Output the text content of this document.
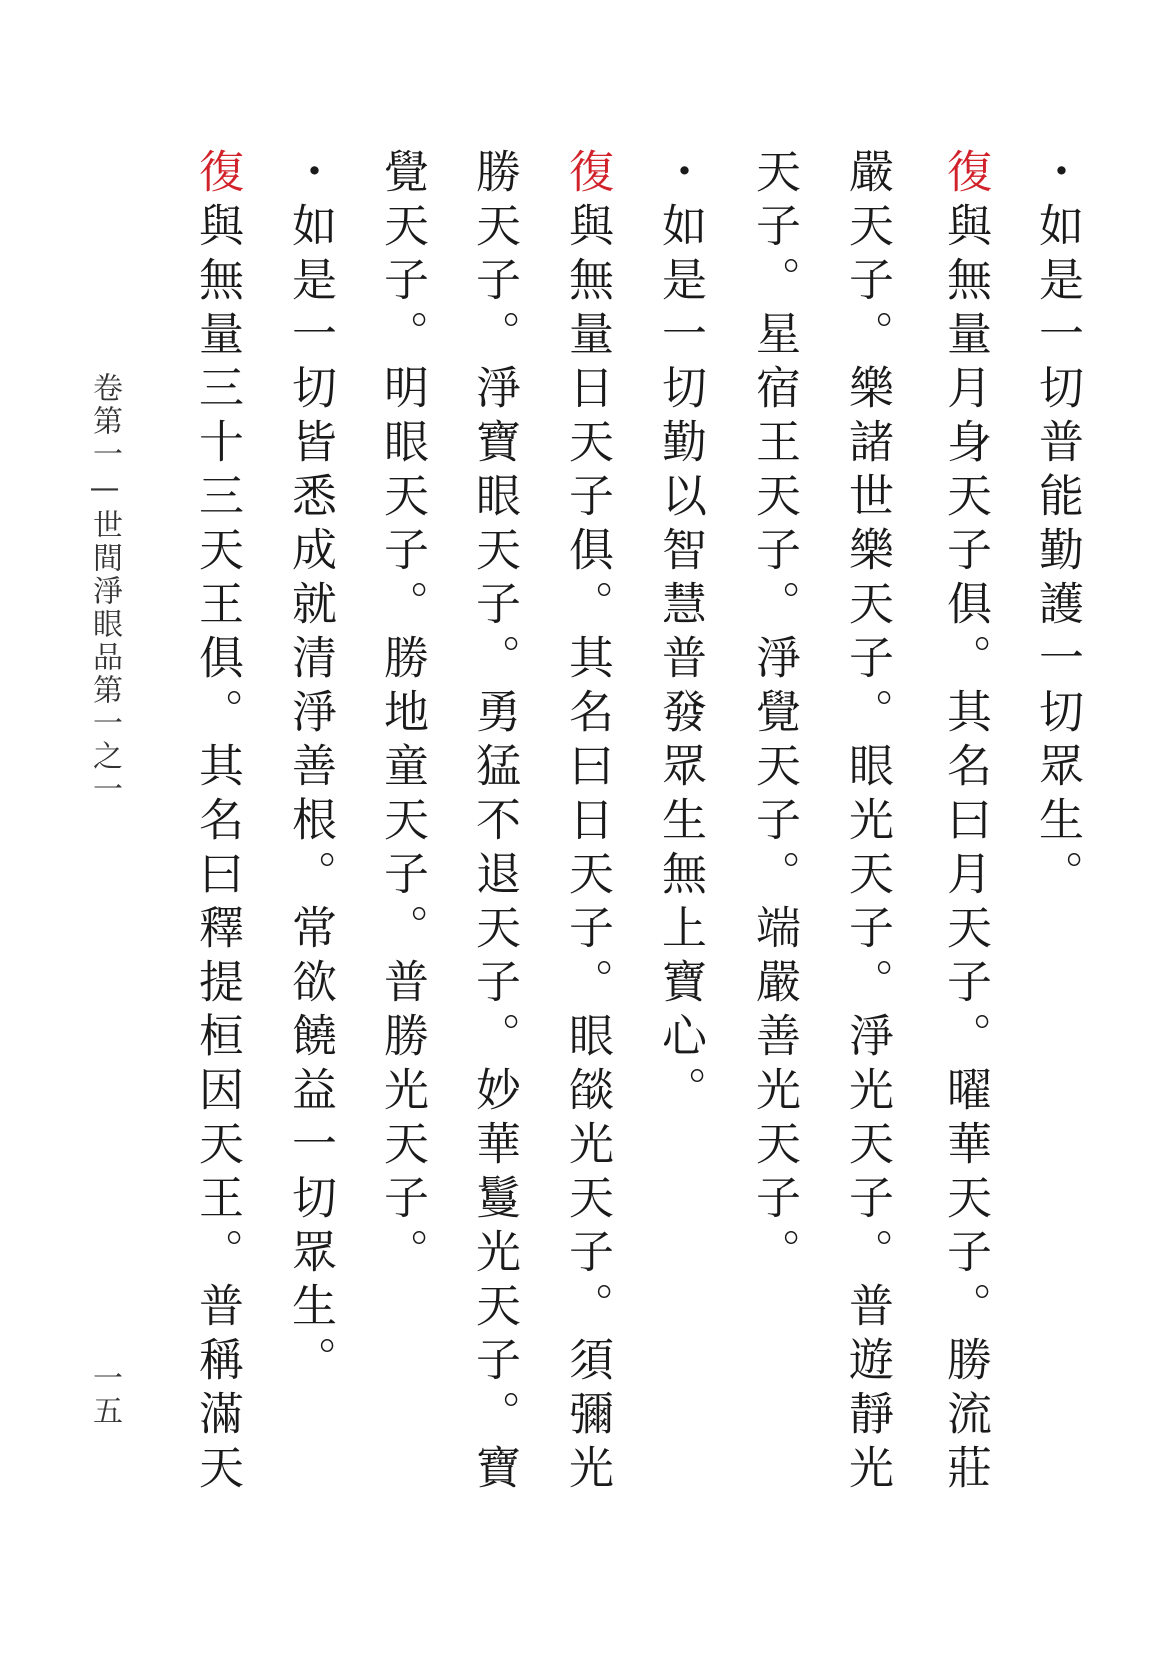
・如是一切普能勤護一切眾生。
復與無量月身天子俱。其名曰月天子。曜華天子。勝流莊
嚴天子。樂諸世樂天子。眼光天子。淨光天子。普遊靜光
天子。星宿王天子。淨覺天子。端嚴善光天子。
・如是一切勤以智慧普發眾生無上寶心。
復與無量日天子俱。其名曰日天子。眼燄光天子。須彌光
勝天子。淨寶眼天子。勇猛不退天子。妙華鬘光天子。寶
覺天子。明眼天子。勝地童天子。普勝光天子。
・如是一切皆悉成就清淨善根。常欲饒益一切眾生。
復與無量三十三天王俱。其名曰釋提桓因天王。普稱滿天
卷第一—世間淨眼品第一之一
一五
